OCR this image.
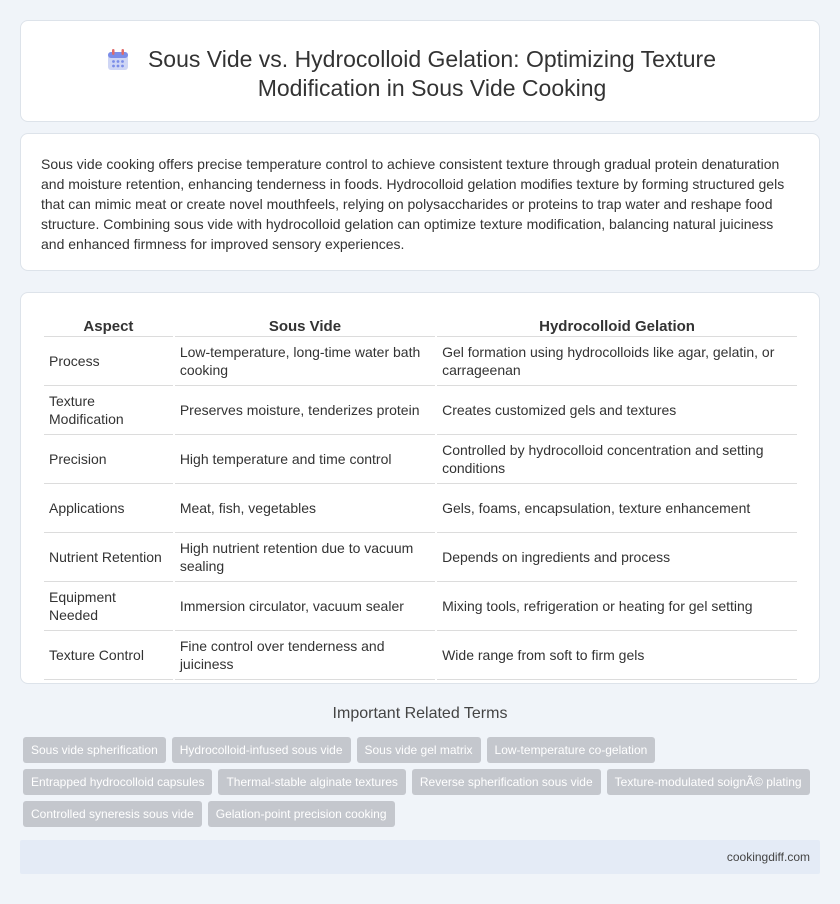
Sous Vide vs. Hydrocolloid Gelation: Optimizing Texture Modification in Sous Vide Cooking

Sous vide cooking offers precise temperature control to achieve consistent texture through gradual protein denaturation and moisture retention, enhancing tenderness in foods. Hydrocolloid gelation modifies texture by forming structured gels that can mimic meat or create novel mouthfeels, relying on polysaccharides or proteins to trap water and reshape food structure. Combining sous vide with hydrocolloid gelation can optimize texture modification, balancing natural juiciness and enhanced firmness for improved sensory experiences.

Aspect	Sous Vide	Hydrocolloid Gelation
Process	Low-temperature, long-time water bath cooking	Gel formation using hydrocolloids like agar, gelatin, or carrageenan
Texture Modification	Preserves moisture, tenderizes protein	Creates customized gels and textures
Precision	High temperature and time control	Controlled by hydrocolloid concentration and setting conditions
Applications	Meat, fish, vegetables	Gels, foams, encapsulation, texture enhancement
Nutrient Retention	High nutrient retention due to vacuum sealing	Depends on ingredients and process
Equipment Needed	Immersion circulator, vacuum sealer	Mixing tools, refrigeration or heating for gel setting
Texture Control	Fine control over tenderness and juiciness	Wide range from soft to firm gels
Important Related Terms
Sous vide spherification	Hydrocolloid-infused sous vide	Sous vide gel matrix	Low-temperature co-gelation
Entrapped hydrocolloid capsules	Thermal-stable alginate textures	Reverse spherification sous vide	Texture-modulated soignÃ© plating
Controlled syneresis sous vide	Gelation-point precision cooking
cookingdiff.com
